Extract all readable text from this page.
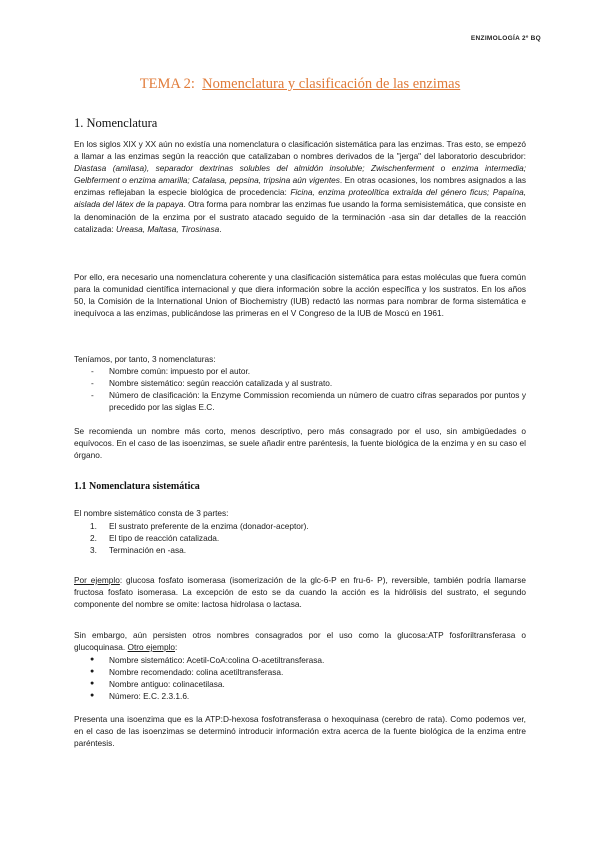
ENZIMOLOGÍA 2º BQ
TEMA 2: Nomenclatura y clasificación de las enzimas
1. Nomenclatura
En los siglos XIX y XX aún no existía una nomenclatura o clasificación sistemática para las enzimas. Tras esto, se empezó a llamar a las enzimas según la reacción que catalizaban o nombres derivados de la "jerga" del laboratorio descubridor: Diastasa (amilasa), separador dextrinas solubles del almidón insoluble; Zwischenferment o enzima intermedia; Gelbferment o enzima amarilla; Catalasa, pepsina, tripsina aún vigentes. En otras ocasiones, los nombres asignados a las enzimas reflejaban la especie biológica de procedencia: Ficina, enzima proteolítica extraída del género ficus; Papaína, aislada del látex de la papaya. Otra forma para nombrar las enzimas fue usando la forma semisistemática, que consiste en la denominación de la enzima por el sustrato atacado seguido de la terminación -asa sin dar detalles de la reacción catalizada: Ureasa, Maltasa, Tirosinasa.
Por ello, era necesario una nomenclatura coherente y una clasificación sistemática para estas moléculas que fuera común para la comunidad científica internacional y que diera información sobre la acción específica y los sustratos. En los años 50, la Comisión de la International Union of Biochemistry (IUB) redactó las normas para nombrar de forma sistemática e inequívoca a las enzimas, publicándose las primeras en el V Congreso de la IUB de Moscú en 1961.
Teníamos, por tanto, 3 nomenclaturas:
- Nombre común: impuesto por el autor.
- Nombre sistemático: según reacción catalizada y al sustrato.
- Número de clasificación: la Enzyme Commission recomienda un número de cuatro cifras separados por puntos y precedido por las siglas E.C.
Se recomienda un nombre más corto, menos descriptivo, pero más consagrado por el uso, sin ambigüedades o equívocos. En el caso de las isoenzimas, se suele añadir entre paréntesis, la fuente biológica de la enzima y en su caso el órgano.
1.1 Nomenclatura sistemática
El nombre sistemático consta de 3 partes:
1. El sustrato preferente de la enzima (donador-aceptor).
2. El tipo de reacción catalizada.
3. Terminación en -asa.
Por ejemplo: glucosa fosfato isomerasa (isomerización de la glc-6-P en fru-6- P), reversible, también podría llamarse fructosa fosfato isomerasa. La excepción de esto se da cuando la acción es la hidrólisis del sustrato, el segundo componente del nombre se omite: lactosa hidrolasa o lactasa.
Sin embargo, aún persisten otros nombres consagrados por el uso como la glucosa:ATP fosforiltransferasa o glucoquinasa. Otro ejemplo:
● Nombre sistemático: Acetil-CoA:colina O-acetiltransferasa.
● Nombre recomendado: colina acetiltransferasa.
● Nombre antiguo: colinacetilasa.
● Número: E.C. 2.3.1.6.
Presenta una isoenzima que es la ATP:D-hexosa fosfotransferasa o hexoquinasa (cerebro de rata). Como podemos ver, en el caso de las isoenzimas se determinó introducir información extra acerca de la fuente biológica de la enzima entre paréntesis.
